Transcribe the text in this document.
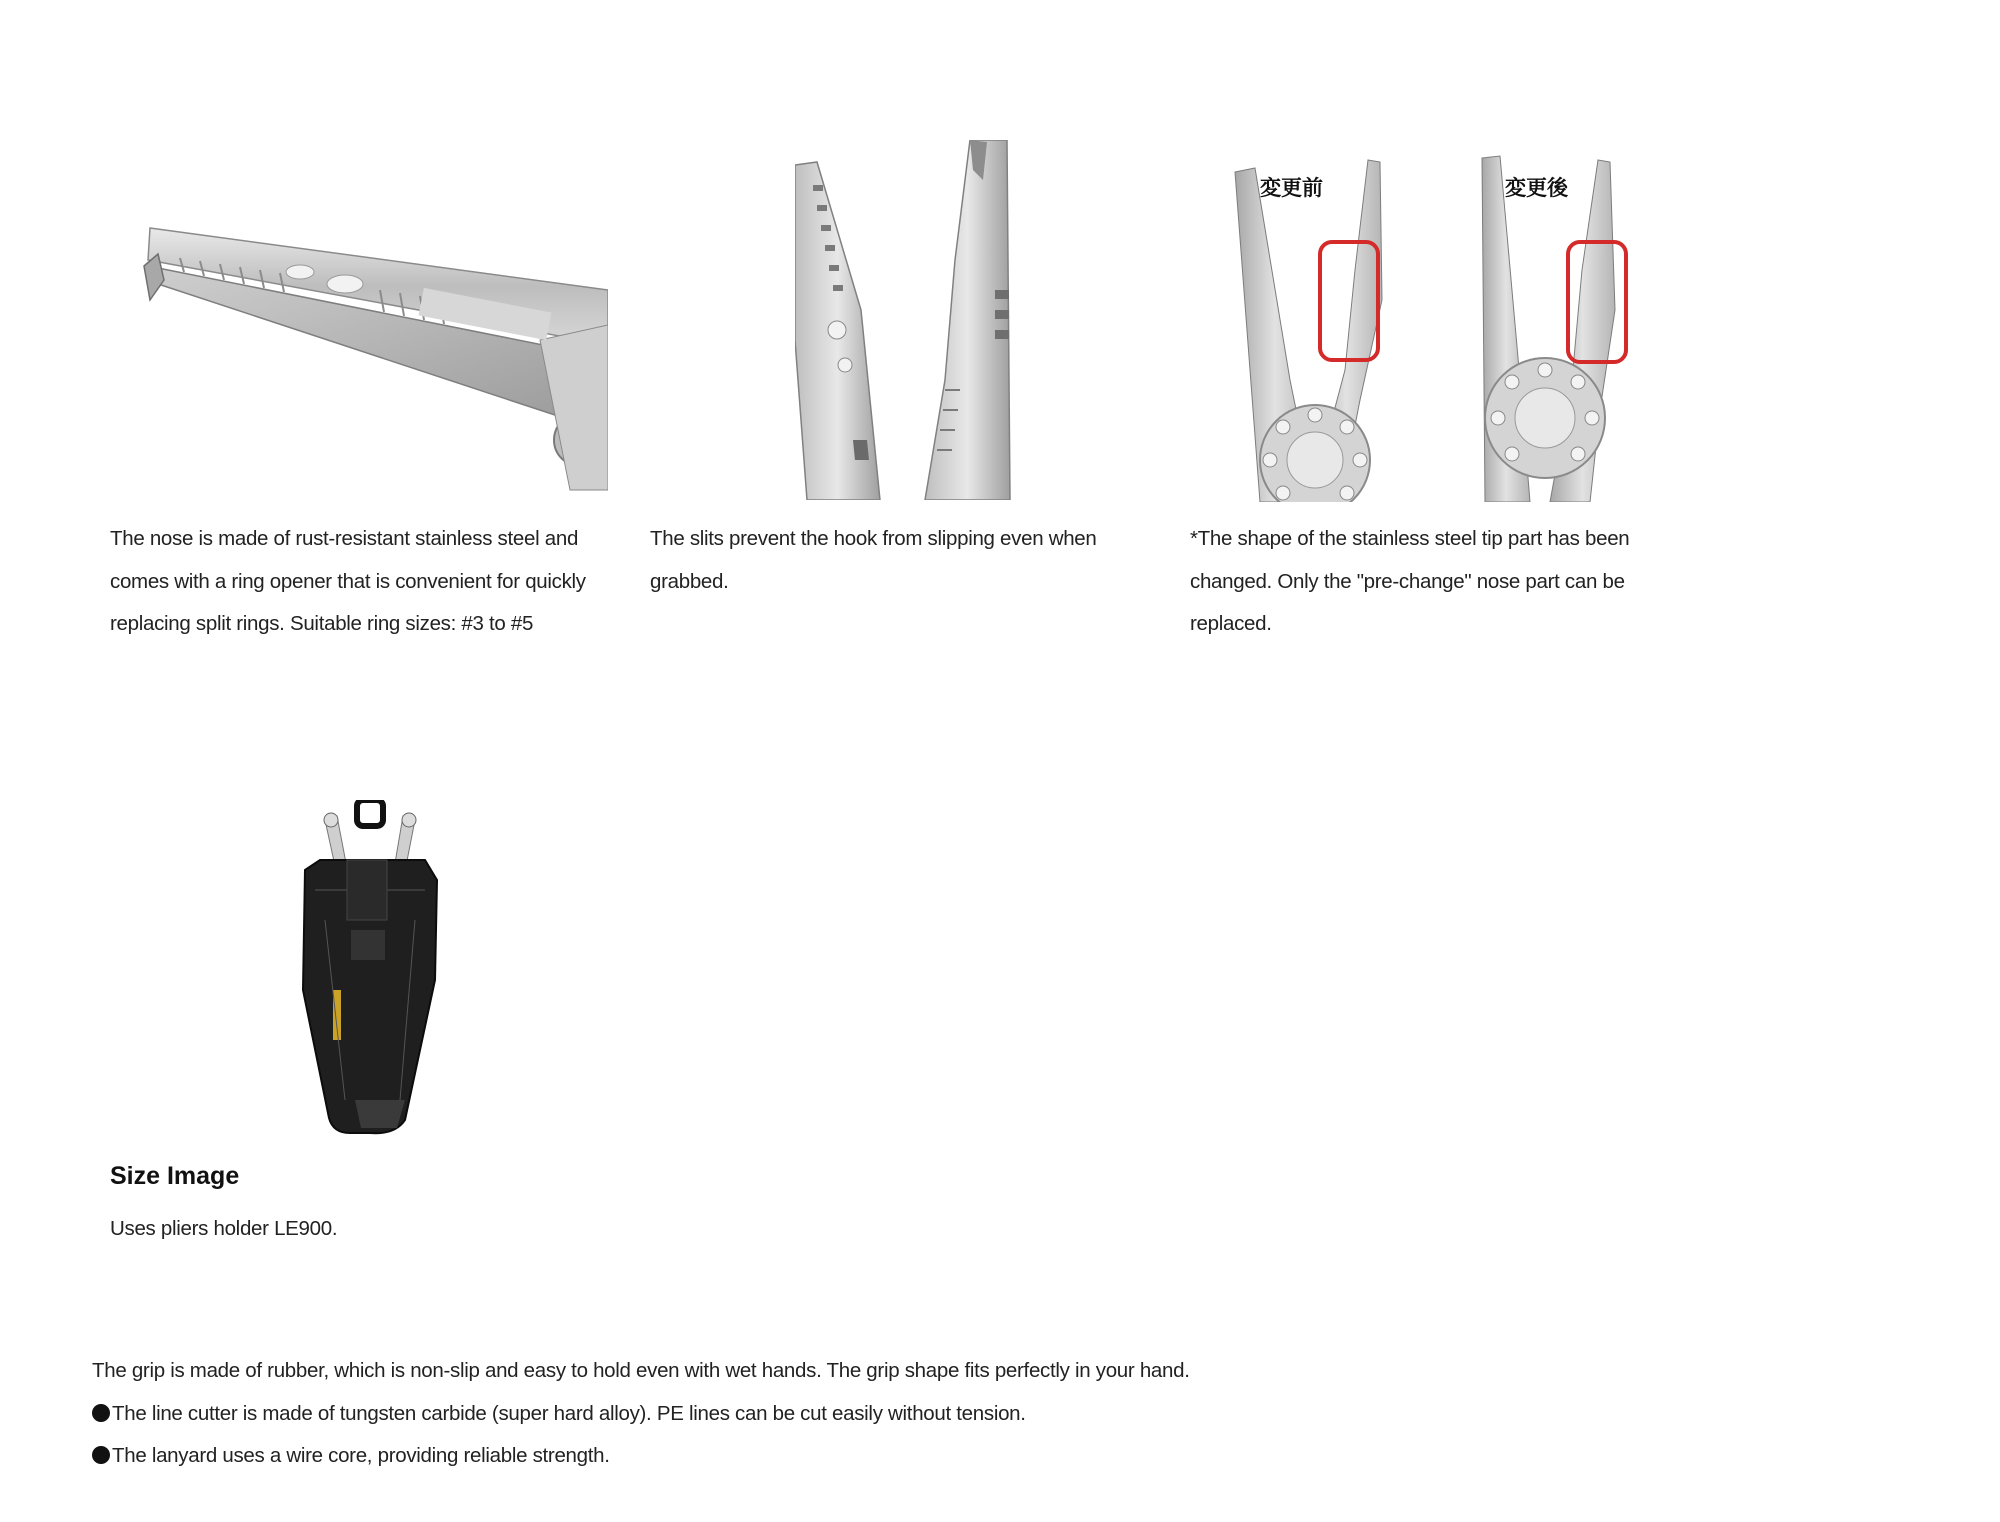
The nose is made of rust-resistant stainless steel and comes with a ring opener that is convenient for quickly replacing split rings. Suitable ring sizes: #3 to #5
The slits prevent the hook from slipping even when grabbed.
変更前	変更後
*The shape of the stainless steel tip part has been changed. Only the "pre-change" nose part can be replaced.
Size Image
Uses pliers holder LE900.

The grip is made of rubber, which is non-slip and easy to hold even with wet hands. The grip shape fits perfectly in your hand.

The line cutter is made of tungsten carbide (super hard alloy). PE lines can be cut easily without tension.

The lanyard uses a wire core, providing reliable strength.
